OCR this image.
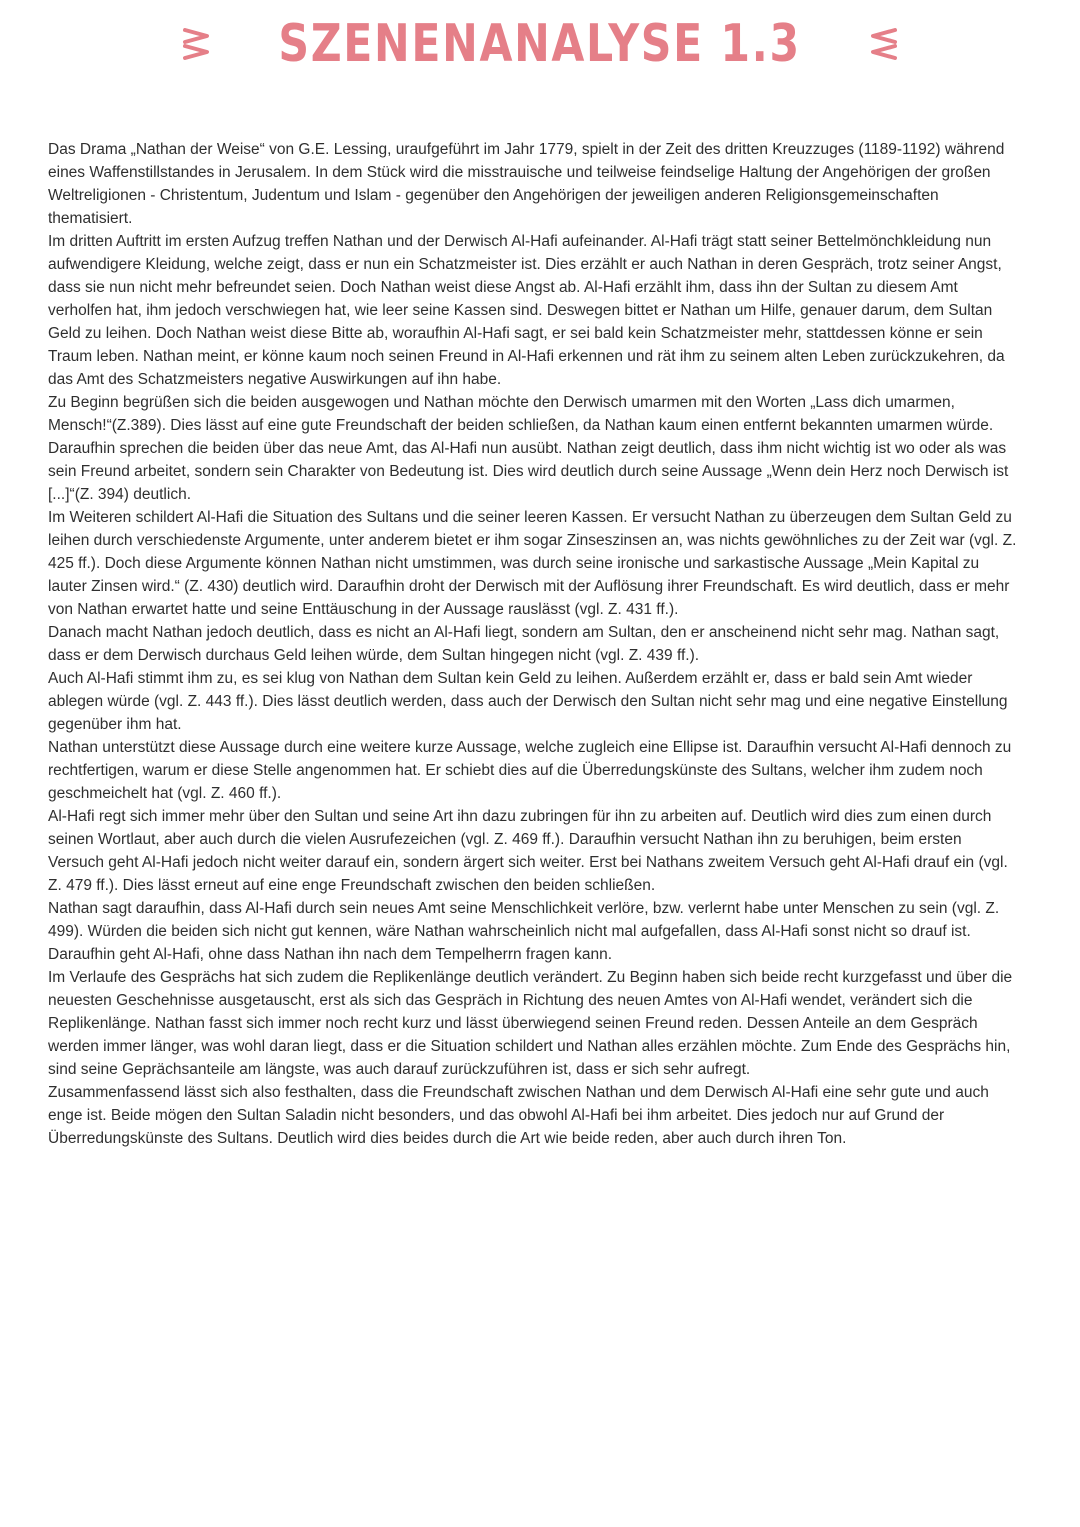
SZENENANALYSE 1.3

Das Drama „Nathan der Weise“ von G.E. Lessing, uraufgeführt im Jahr 1779, spielt in der Zeit des dritten Kreuzzuges (1189-1192) während eines Waffenstillstandes in Jerusalem. In dem Stück wird die misstrauische und teilweise feindselige Haltung der Angehörigen der großen Weltreligionen - Christentum, Judentum und Islam - gegenüber den Angehörigen der jeweiligen anderen Religionsgemeinschaften thematisiert.

Im dritten Auftritt im ersten Aufzug treffen Nathan und der Derwisch Al-Hafi aufeinander. Al-Hafi trägt statt seiner Bettelmönchkleidung nun aufwendigere Kleidung, welche zeigt, dass er nun ein Schatzmeister ist. Dies erzählt er auch Nathan in deren Gespräch, trotz seiner Angst, dass sie nun nicht mehr befreundet seien. Doch Nathan weist diese Angst ab. Al-Hafi erzählt ihm, dass ihn der Sultan zu diesem Amt verholfen hat, ihm jedoch verschwiegen hat, wie leer seine Kassen sind. Deswegen bittet er Nathan um Hilfe, genauer darum, dem Sultan Geld zu leihen. Doch Nathan weist diese Bitte ab, woraufhin Al-Hafi sagt, er sei bald kein Schatzmeister mehr, stattdessen könne er sein Traum leben. Nathan meint, er könne kaum noch seinen Freund in Al-Hafi erkennen und rät ihm zu seinem alten Leben zurückzukehren, da das Amt des Schatzmeisters negative Auswirkungen auf ihn habe.

Zu Beginn begrüßen sich die beiden ausgewogen und Nathan möchte den Derwisch umarmen mit den Worten „Lass dich umarmen, Mensch!“(Z.389). Dies lässt auf eine gute Freundschaft der beiden schließen, da Nathan kaum einen entfernt bekannten umarmen würde.

Daraufhin sprechen die beiden über das neue Amt, das Al-Hafi nun ausübt. Nathan zeigt deutlich, dass ihm nicht wichtig ist wo oder als was sein Freund arbeitet, sondern sein Charakter von Bedeutung ist. Dies wird deutlich durch seine Aussage „Wenn dein Herz noch Derwisch ist [...]“(Z. 394) deutlich.

Im Weiteren schildert Al-Hafi die Situation des Sultans und die seiner leeren Kassen. Er versucht Nathan zu überzeugen dem Sultan Geld zu leihen durch verschiedenste Argumente, unter anderem bietet er ihm sogar Zinseszinsen an, was nichts gewöhnliches zu der Zeit war (vgl. Z. 425 ff.). Doch diese Argumente können Nathan nicht umstimmen, was durch seine ironische und sarkastische Aussage „Mein Kapital zu lauter Zinsen wird.“ (Z. 430) deutlich wird. Daraufhin droht der Derwisch mit der Auflösung ihrer Freundschaft. Es wird deutlich, dass er mehr von Nathan erwartet hatte und seine Enttäuschung in der Aussage rauslässt (vgl. Z. 431 ff.).

Danach macht Nathan jedoch deutlich, dass es nicht an Al-Hafi liegt, sondern am Sultan, den er anscheinend nicht sehr mag. Nathan sagt, dass er dem Derwisch durchaus Geld leihen würde, dem Sultan hingegen nicht (vgl. Z. 439 ff.).

Auch Al-Hafi stimmt ihm zu, es sei klug von Nathan dem Sultan kein Geld zu leihen. Außerdem erzählt er, dass er bald sein Amt wieder ablegen würde (vgl. Z. 443 ff.). Dies lässt deutlich werden, dass auch der Derwisch den Sultan nicht sehr mag und eine negative Einstellung gegenüber ihm hat.

Nathan unterstützt diese Aussage durch eine weitere kurze Aussage, welche zugleich eine Ellipse ist. Daraufhin versucht Al-Hafi dennoch zu rechtfertigen, warum er diese Stelle angenommen hat. Er schiebt dies auf die Überredungskünste des Sultans, welcher ihm zudem noch geschmeichelt hat (vgl. Z. 460 ff.).

Al-Hafi regt sich immer mehr über den Sultan und seine Art ihn dazu zubringen für ihn zu arbeiten auf. Deutlich wird dies zum einen durch seinen Wortlaut, aber auch durch die vielen Ausrufezeichen (vgl. Z. 469 ff.). Daraufhin versucht Nathan ihn zu beruhigen, beim ersten Versuch geht Al-Hafi jedoch nicht weiter darauf ein, sondern ärgert sich weiter. Erst bei Nathans zweitem Versuch geht Al-Hafi drauf ein (vgl. Z. 479 ff.). Dies lässt erneut auf eine enge Freundschaft zwischen den beiden schließen.

Nathan sagt daraufhin, dass Al-Hafi durch sein neues Amt seine Menschlichkeit verlöre, bzw. verlernt habe unter Menschen zu sein (vgl. Z. 499). Würden die beiden sich nicht gut kennen, wäre Nathan wahrscheinlich nicht mal aufgefallen, dass Al-Hafi sonst nicht so drauf ist. Daraufhin geht Al-Hafi, ohne dass Nathan ihn nach dem Tempelherrn fragen kann.

Im Verlaufe des Gesprächs hat sich zudem die Replikenlänge deutlich verändert. Zu Beginn haben sich beide recht kurzgefasst und über die neuesten Geschehnisse ausgetauscht, erst als sich das Gespräch in Richtung des neuen Amtes von Al-Hafi wendet, verändert sich die Replikenlänge. Nathan fasst sich immer noch recht kurz und lässt überwiegend seinen Freund reden. Dessen Anteile an dem Gespräch werden immer länger, was wohl daran liegt, dass er die Situation schildert und Nathan alles erzählen möchte. Zum Ende des Gesprächs hin, sind seine Geprächsanteile am längste, was auch darauf zurückzuführen ist, dass er sich sehr aufregt.

Zusammenfassend lässt sich also festhalten, dass die Freundschaft zwischen Nathan und dem Derwisch Al-Hafi eine sehr gute und auch enge ist. Beide mögen den Sultan Saladin nicht besonders, und das obwohl Al-Hafi bei ihm arbeitet. Dies jedoch nur auf Grund der Überredungskünste des Sultans. Deutlich wird dies beides durch die Art wie beide reden, aber auch durch ihren Ton.
